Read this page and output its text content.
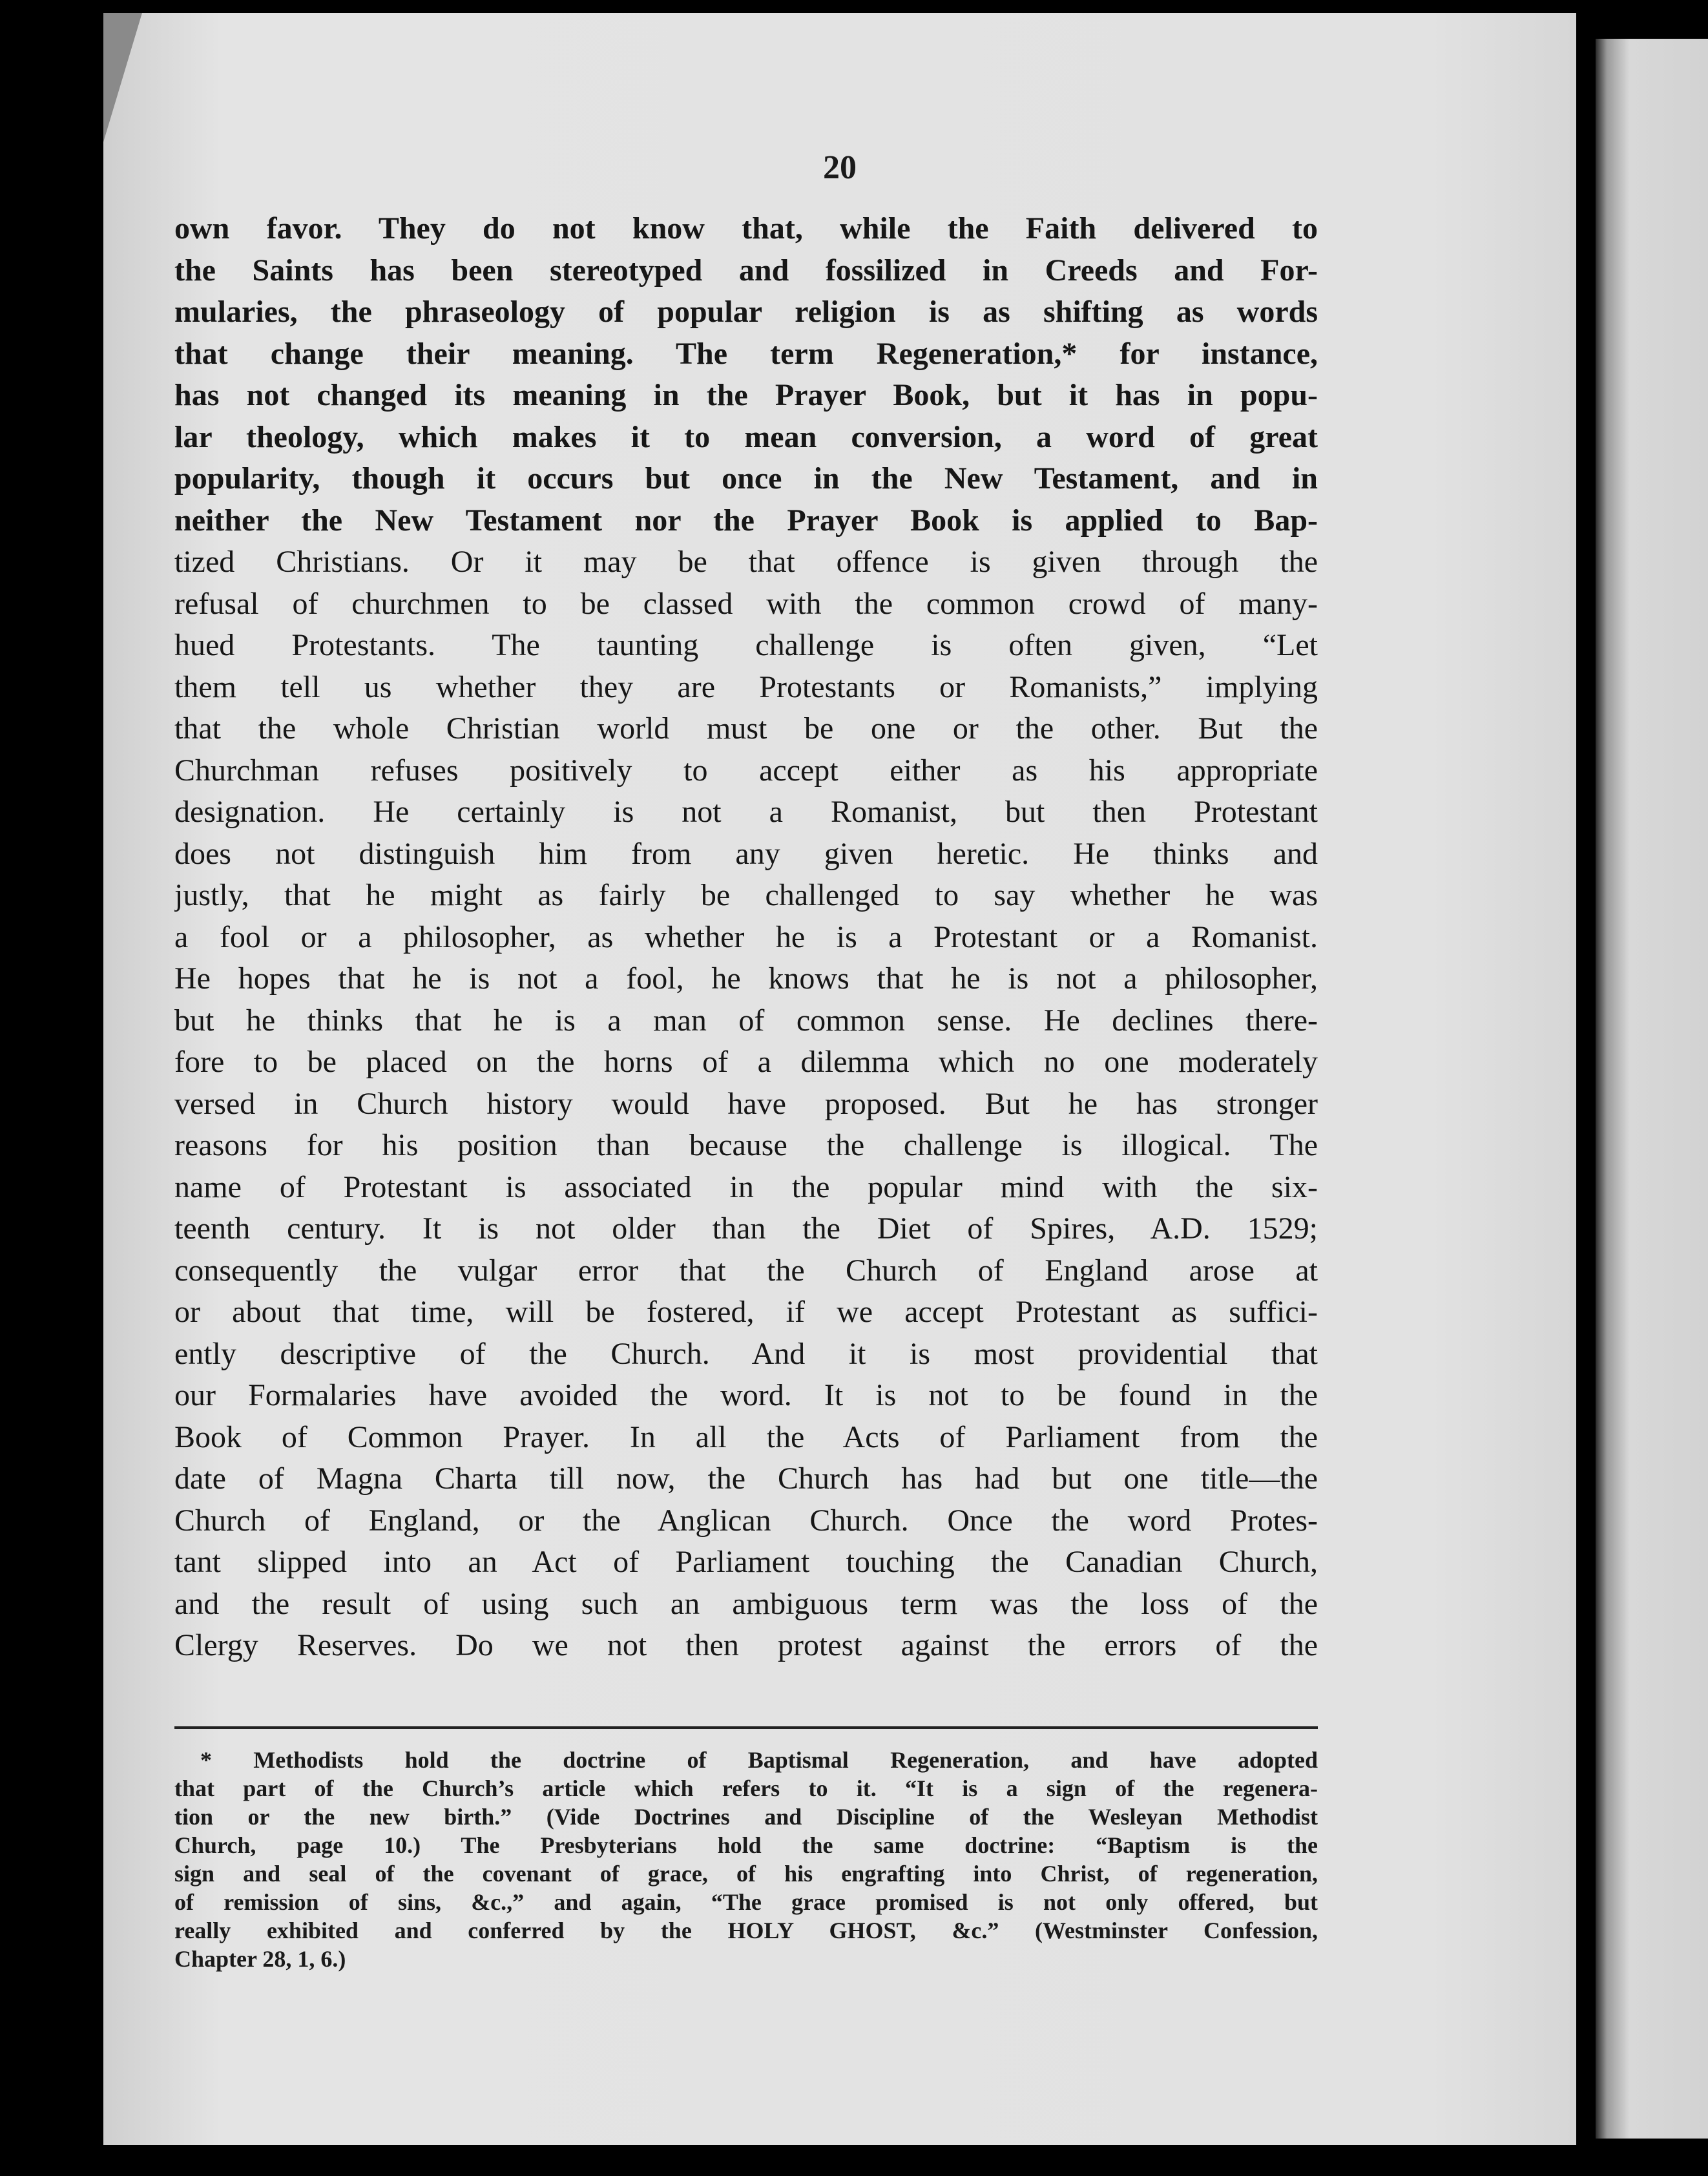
20
own favor. They do not know that, while the Faith delivered to
the Saints has been stereotyped and fossilized in Creeds and For-
mularies, the phraseology of popular religion is as shifting as words
that change their meaning. The term Regeneration,* for instance,
has not changed its meaning in the Prayer Book, but it has in popu-
lar theology, which makes it to mean conversion, a word of great
popularity, though it occurs but once in the New Testament, and in
neither the New Testament nor the Prayer Book is applied to Bap-
tized Christians. Or it may be that offence is given through the
refusal of churchmen to be classed with the common crowd of many-
hued Protestants. The taunting challenge is often given, “Let
them tell us whether they are Protestants or Romanists,” implying
that the whole Christian world must be one or the other. But the
Churchman refuses positively to accept either as his appropriate
designation. He certainly is not a Romanist, but then Protestant
does not distinguish him from any given heretic. He thinks and
justly, that he might as fairly be challenged to say whether he was
a fool or a philosopher, as whether he is a Protestant or a Romanist.
He hopes that he is not a fool, he knows that he is not a philosopher,
but he thinks that he is a man of common sense. He declines there-
fore to be placed on the horns of a dilemma which no one moderately
versed in Church history would have proposed. But he has stronger
reasons for his position than because the challenge is illogical. The
name of Protestant is associated in the popular mind with the six-
teenth century. It is not older than the Diet of Spires, A.D. 1529;
consequently the vulgar error that the Church of England arose at
or about that time, will be fostered, if we accept Protestant as suffici-
ently descriptive of the Church. And it is most providential that
our Formalaries have avoided the word. It is not to be found in the
Book of Common Prayer. In all the Acts of Parliament from the
date of Magna Charta till now, the Church has had but one title—the
Church of England, or the Anglican Church. Once the word Protes-
tant slipped into an Act of Parliament touching the Canadian Church,
and the result of using such an ambiguous term was the loss of the
Clergy Reserves. Do we not then protest against the errors of the
* Methodists hold the doctrine of Baptismal Regeneration, and have adopted
that part of the Church’s article which refers to it. “It is a sign of the regenera-
tion or the new birth.” (Vide Doctrines and Discipline of the Wesleyan Methodist
Church, page 10.) The Presbyterians hold the same doctrine: “Baptism is the
sign and seal of the covenant of grace, of his engrafting into Christ, of regeneration,
of remission of sins, &c.,” and again, “The grace promised is not only offered, but
really exhibited and conferred by the HOLY GHOST, &c.” (Westminster Confession,
Chapter 28, 1, 6.)
